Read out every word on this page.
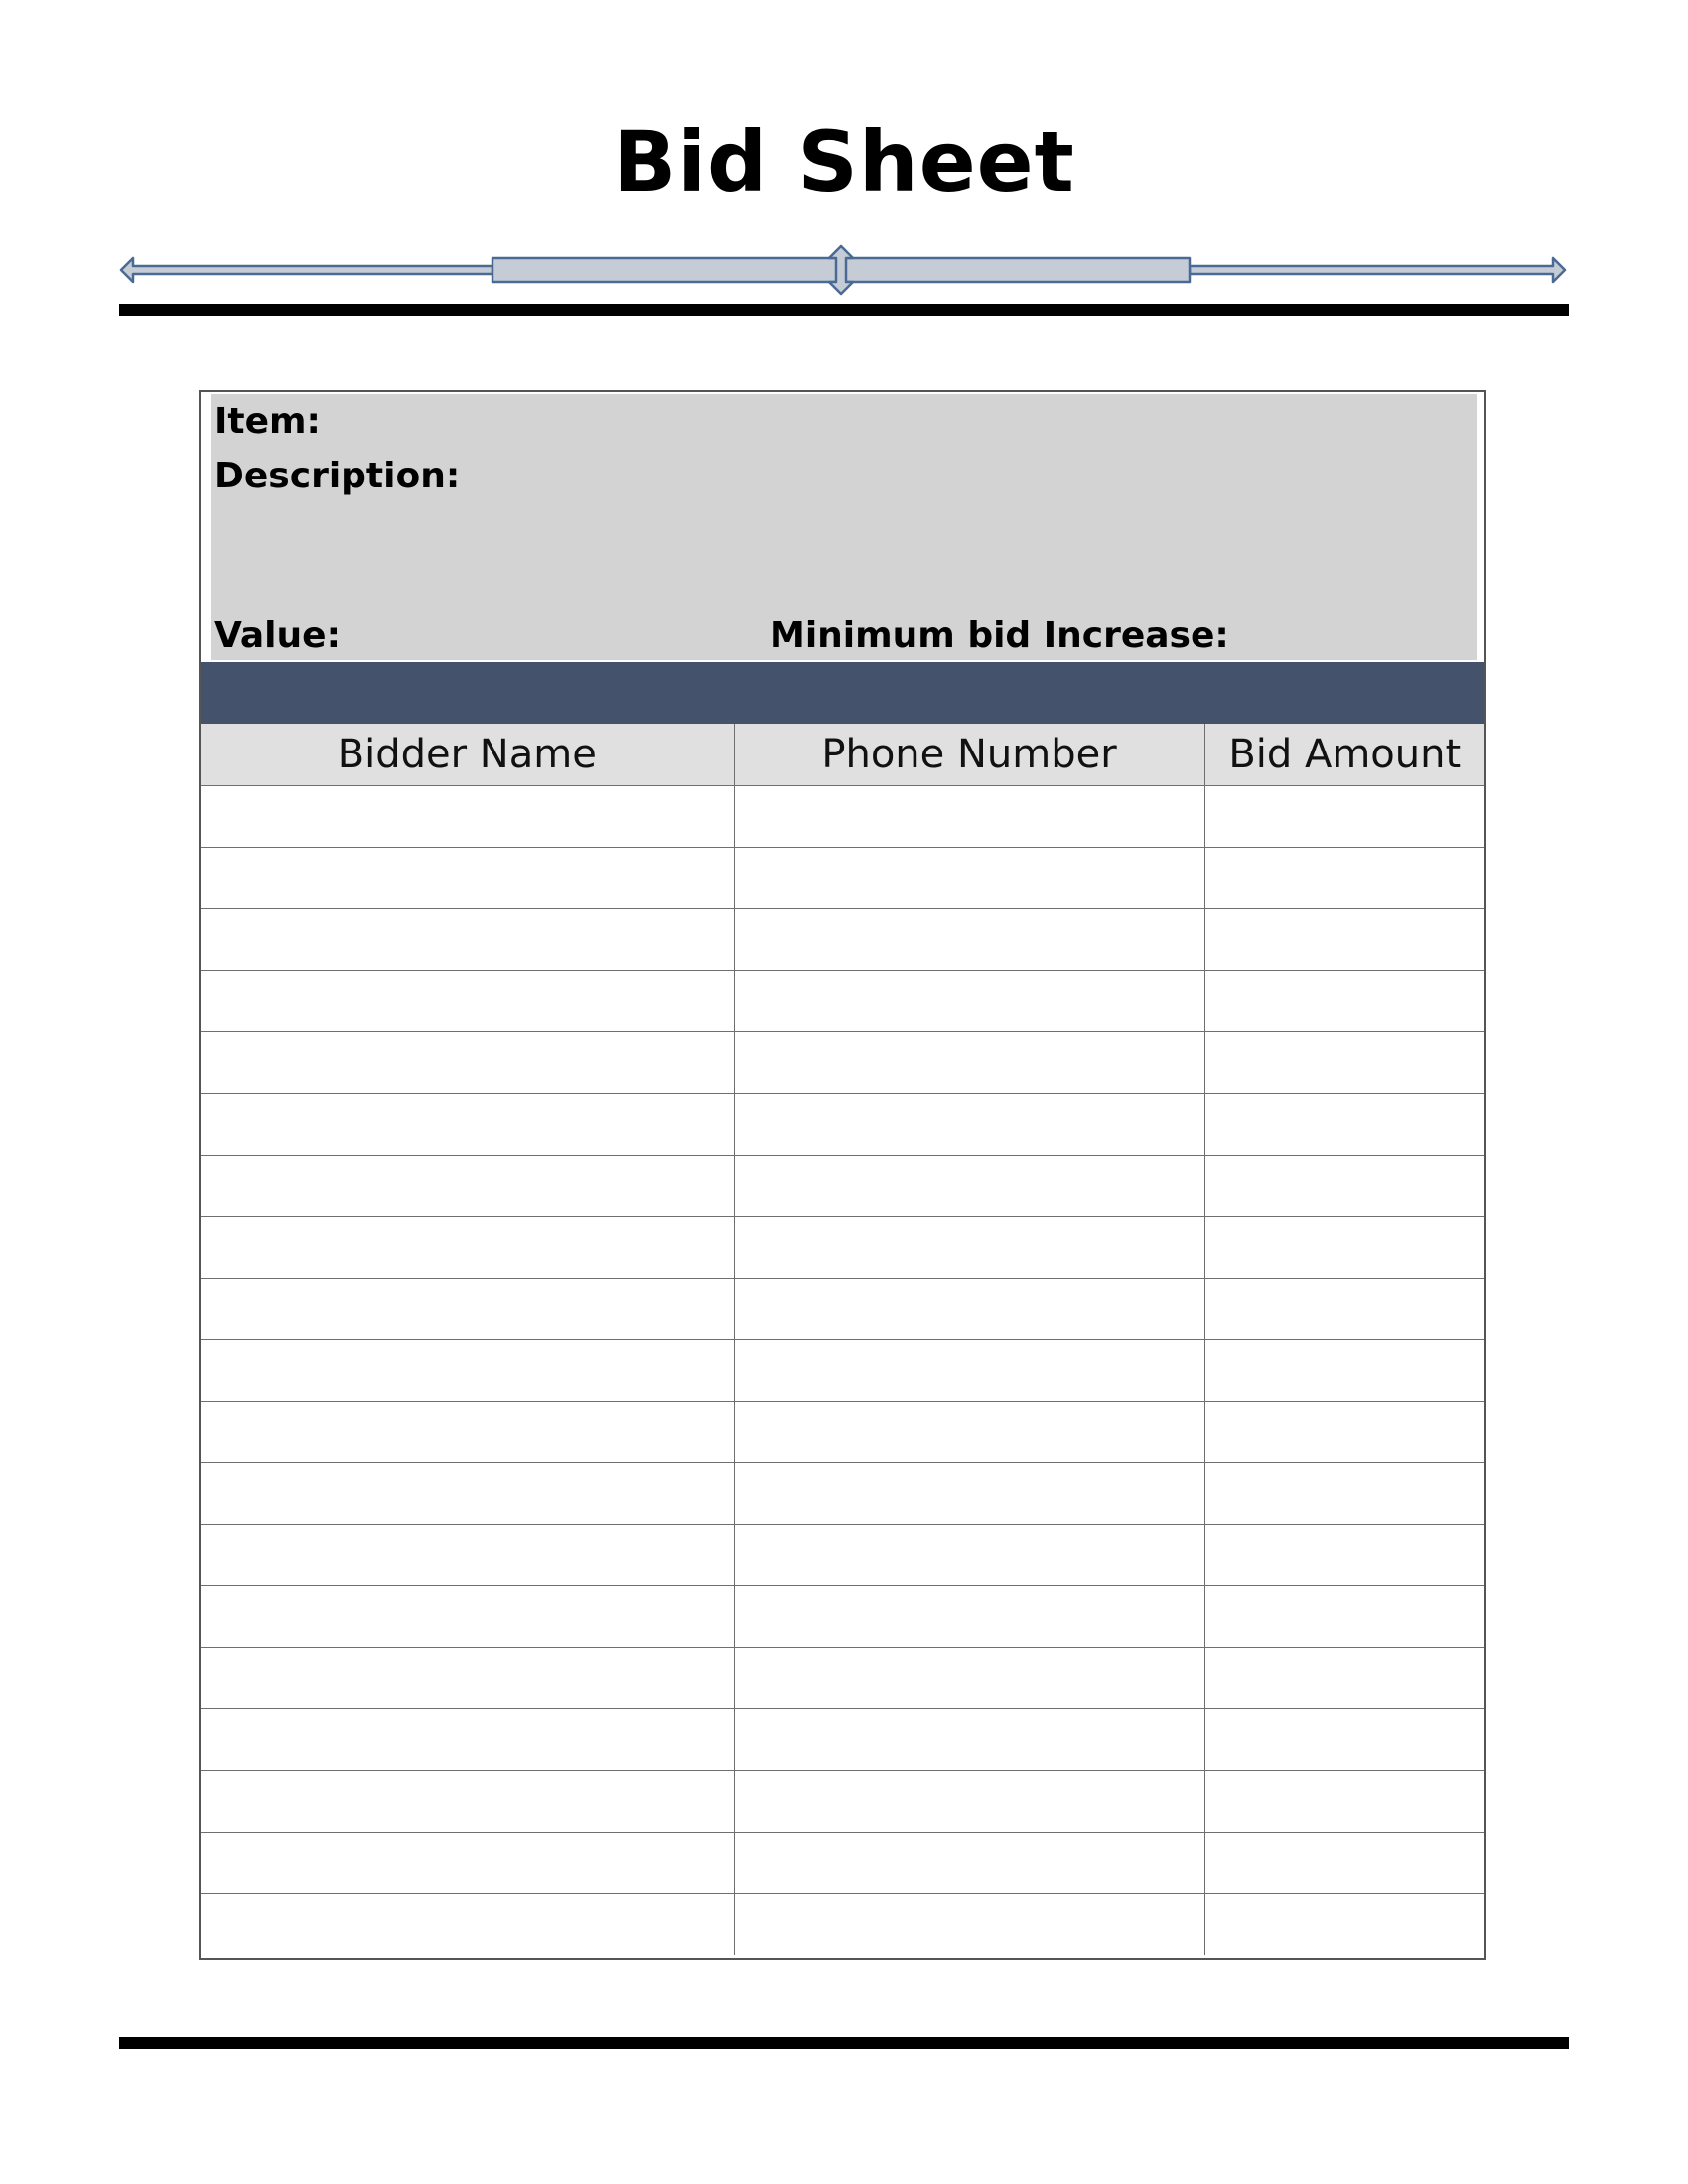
Bid Sheet
Item:
Description:
Value:	Minimum bid Increase:
Bidder Name	Phone Number	Bid Amount
